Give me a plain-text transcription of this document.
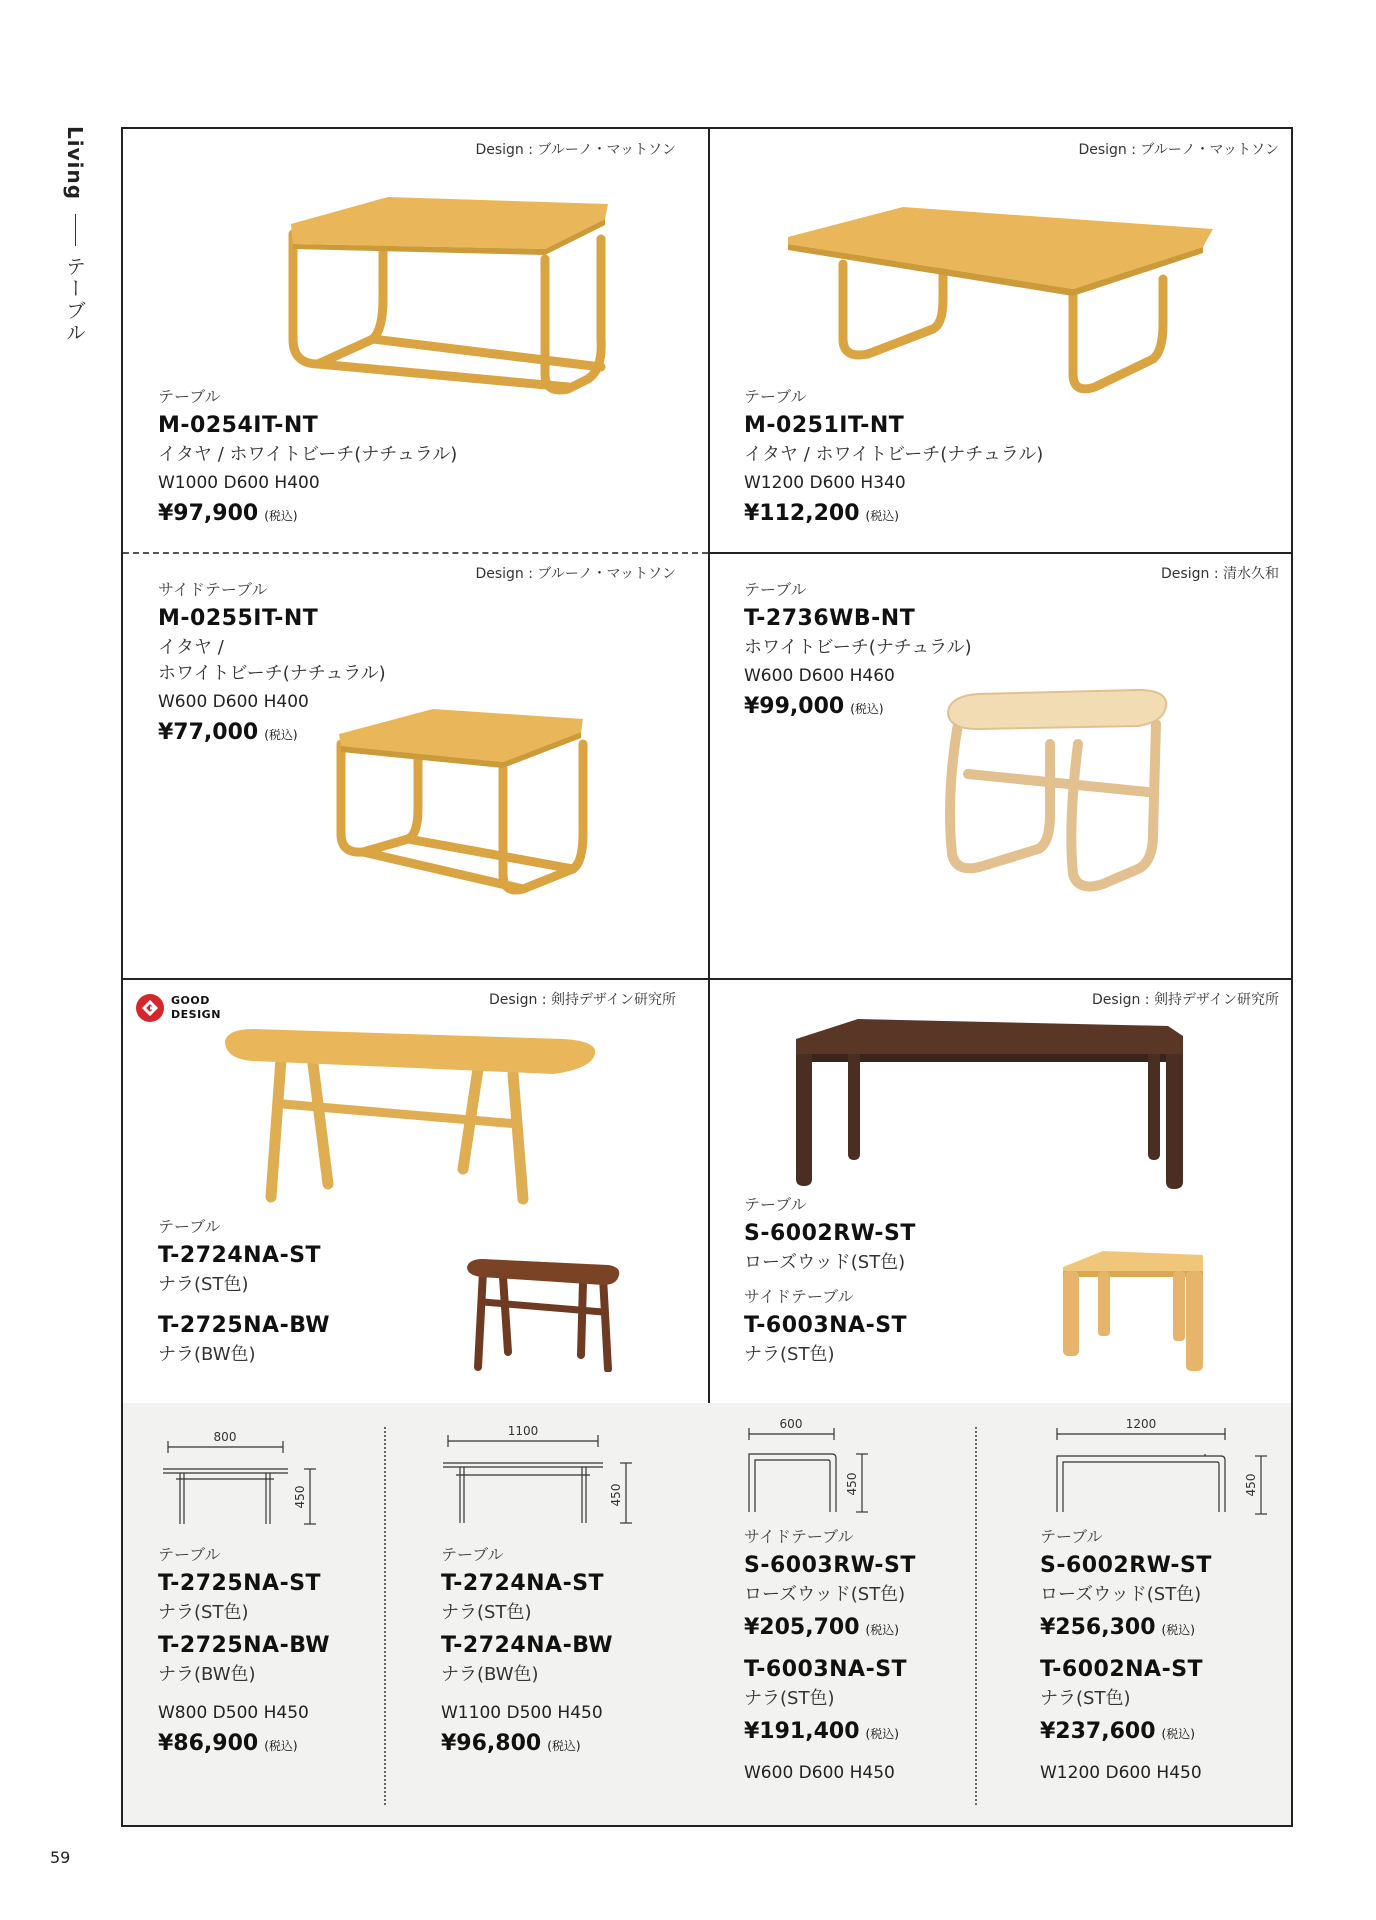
Living
テーブル
Design : ブルーノ・マットソン
テーブル
M-0254IT-NT
イタヤ / ホワイトビーチ(ナチュラル)
W1000 D600 H400
¥97,900 (税込)
Design : ブルーノ・マットソン
テーブル
M-0251IT-NT
イタヤ / ホワイトビーチ(ナチュラル)
W1200 D600 H340
¥112,200 (税込)
Design : ブルーノ・マットソン
サイドテーブル
M-0255IT-NT
イタヤ /
ホワイトビーチ(ナチュラル)
W600 D600 H400
¥77,000 (税込)
Design : 清水久和
テーブル
T-2736WB-NT
ホワイトビーチ(ナチュラル)
W600 D600 H460
¥99,000 (税込)
Design : 剣持デザイン研究所
テーブル
T-2724NA-ST
ナラ(ST色)
T-2725NA-BW
ナラ(BW色)
GOOD
DESIGN
Design : 剣持デザイン研究所
テーブル
S-6002RW-ST
ローズウッド(ST色)
サイドテーブル
T-6003NA-ST
ナラ(ST色)
800
450
テーブル
T-2725NA-ST
ナラ(ST色)
T-2725NA-BW
ナラ(BW色)
W800 D500 H450
¥86,900 (税込)
1100
450
テーブル
T-2724NA-ST
ナラ(ST色)
T-2724NA-BW
ナラ(BW色)
W1100 D500 H450
¥96,800 (税込)
600
450
サイドテーブル
S-6003RW-ST
ローズウッド(ST色)
¥205,700 (税込)
T-6003NA-ST
ナラ(ST色)
¥191,400 (税込)
W600 D600 H450
1200
450
テーブル
S-6002RW-ST
ローズウッド(ST色)
¥256,300 (税込)
T-6002NA-ST
ナラ(ST色)
¥237,600 (税込)
W1200 D600 H450
59
